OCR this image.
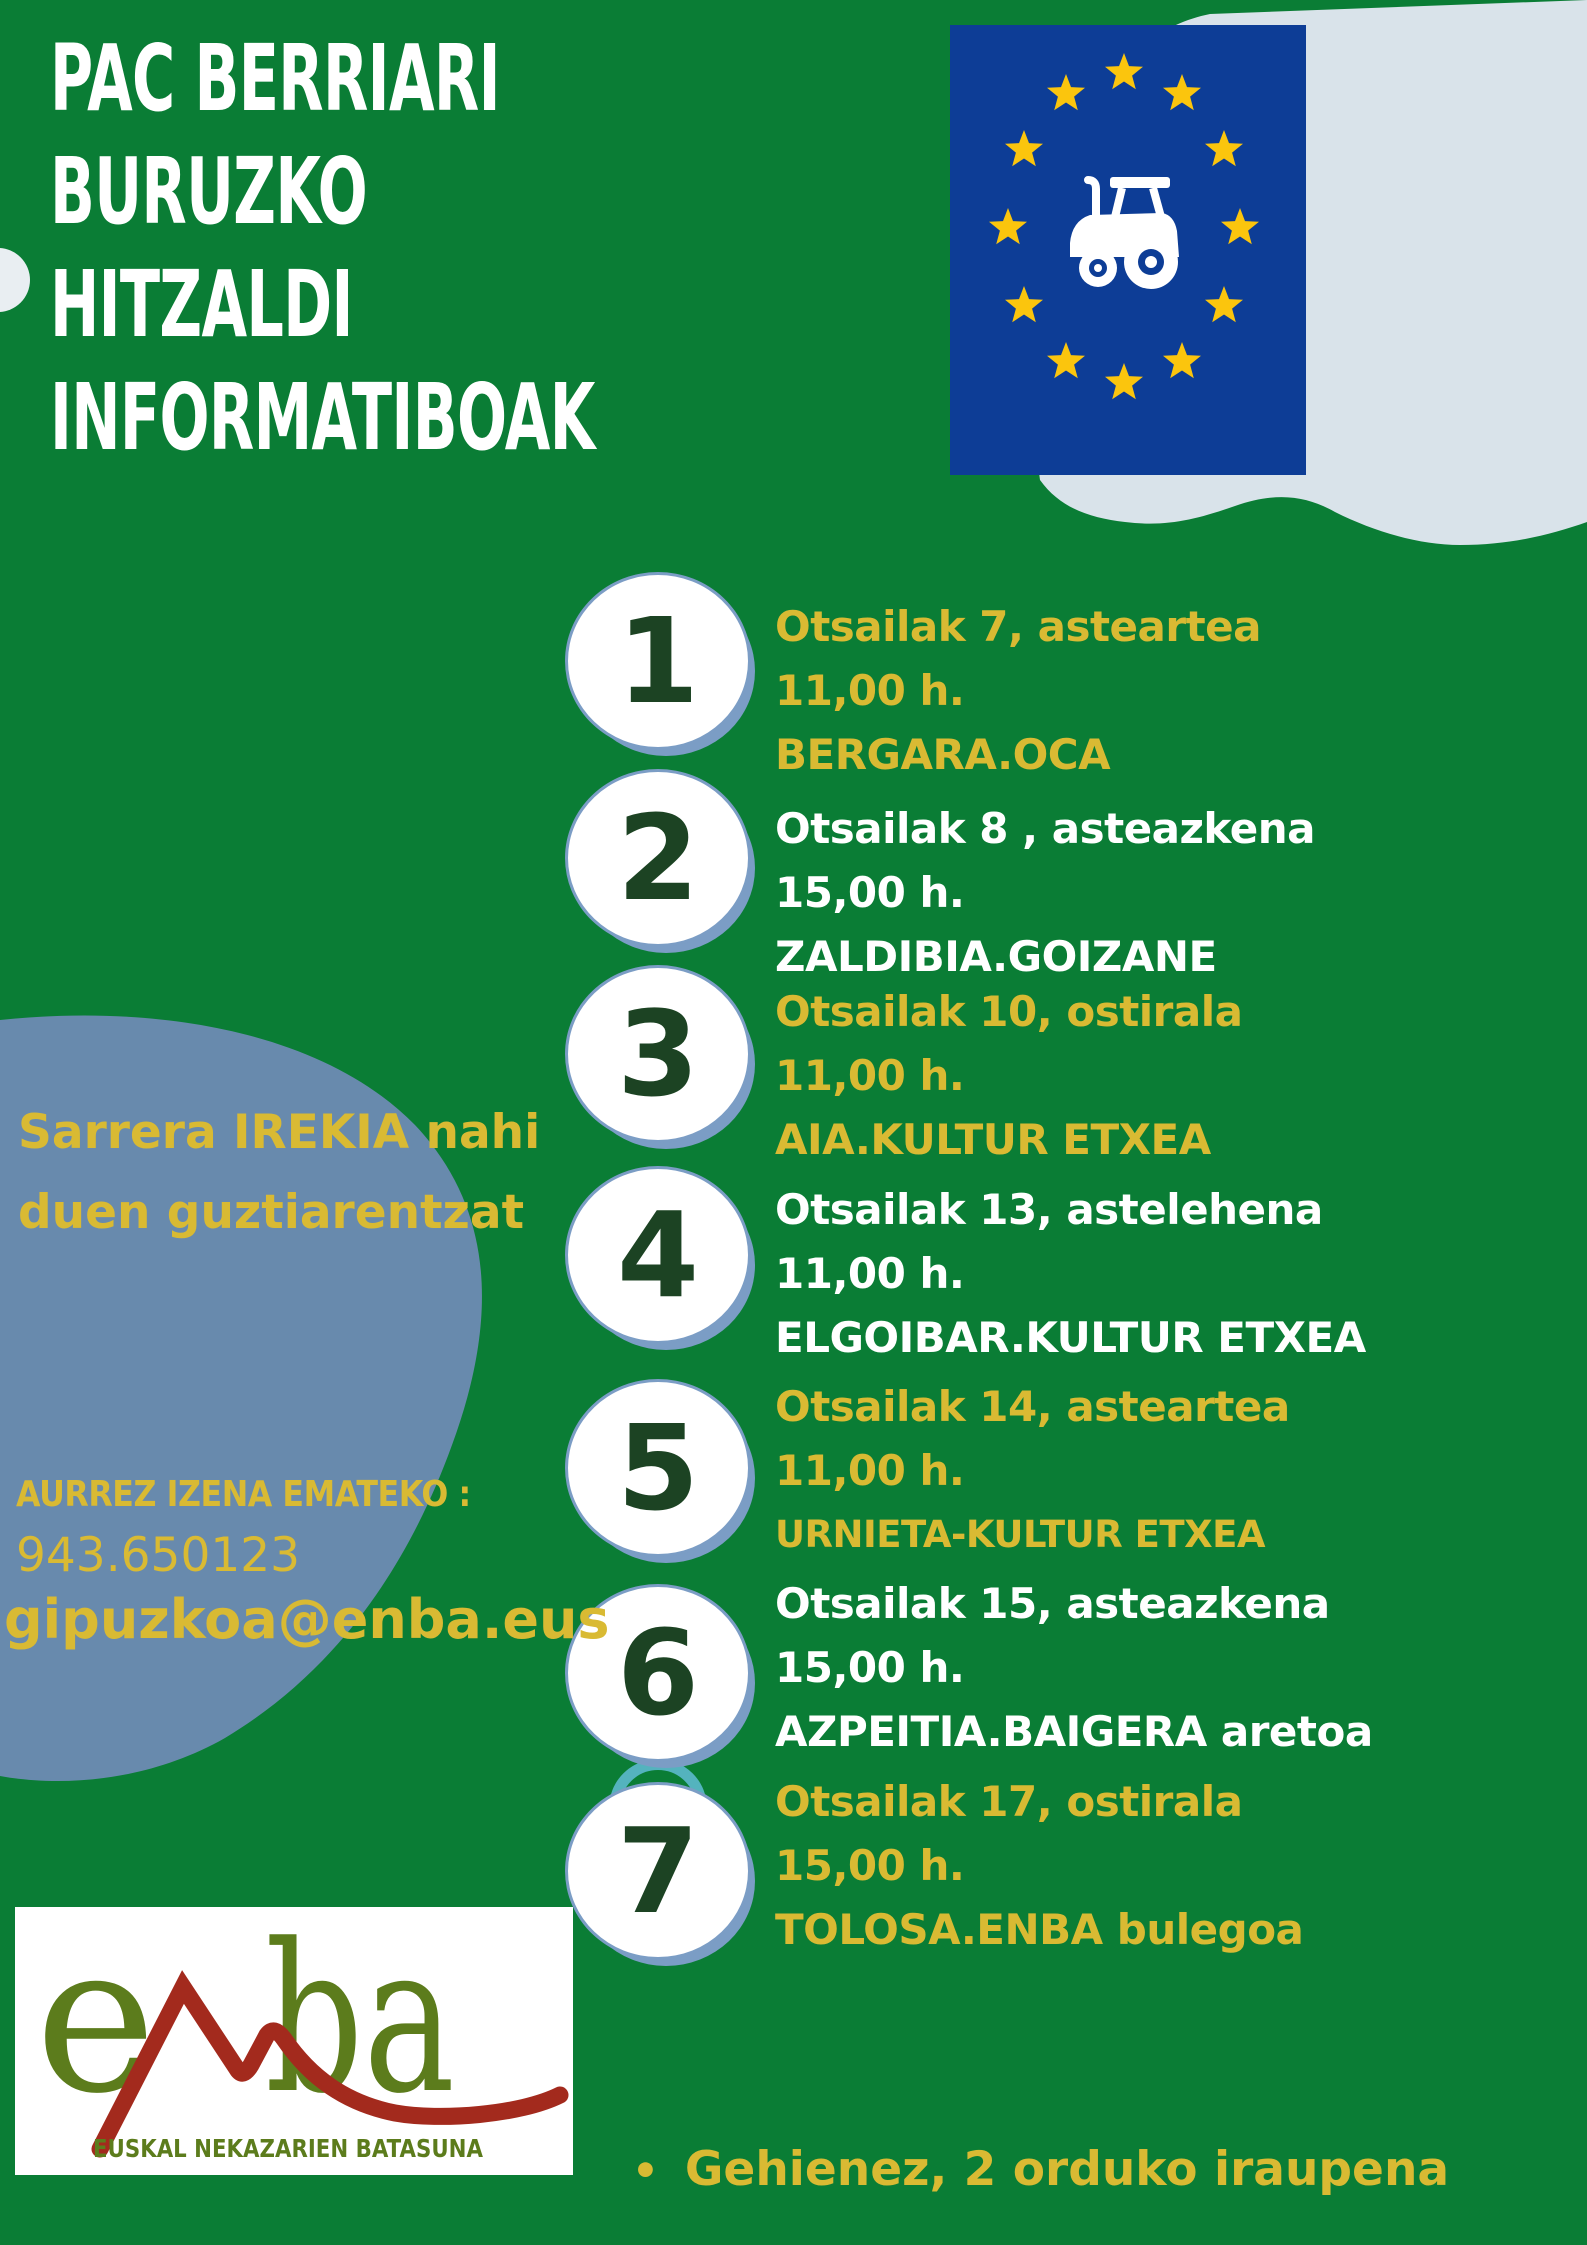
PAC BERRIARI
BURUZKO
HITZALDI
INFORMATIBOAK
1
2
3
4
5
6
7
Otsailak 7, asteartea
11,00 h.
BERGARA.OCA
Otsailak 8 , asteazkena
15,00 h.
ZALDIBIA.GOIZANE
Otsailak 10, ostirala
11,00 h.
AIA.KULTUR ETXEA
Otsailak 13, astelehena
11,00 h.
ELGOIBAR.KULTUR ETXEA
Otsailak 14, asteartea
11,00 h.
URNIETA-KULTUR ETXEA
Otsailak 15, asteazkena
15,00 h.
AZPEITIA.BAIGERA aretoa
Otsailak 17, ostirala
15,00 h.
TOLOSA.ENBA bulegoa
Sarrera IREKIA nahi
duen guztiarentzat
AURREZ IZENA EMATEKO :
943.650123
gipuzkoa@enba.eus
e ba
EUSKAL NEKAZARIEN BATASUNA	• Gehienez, 2 orduko iraupena
